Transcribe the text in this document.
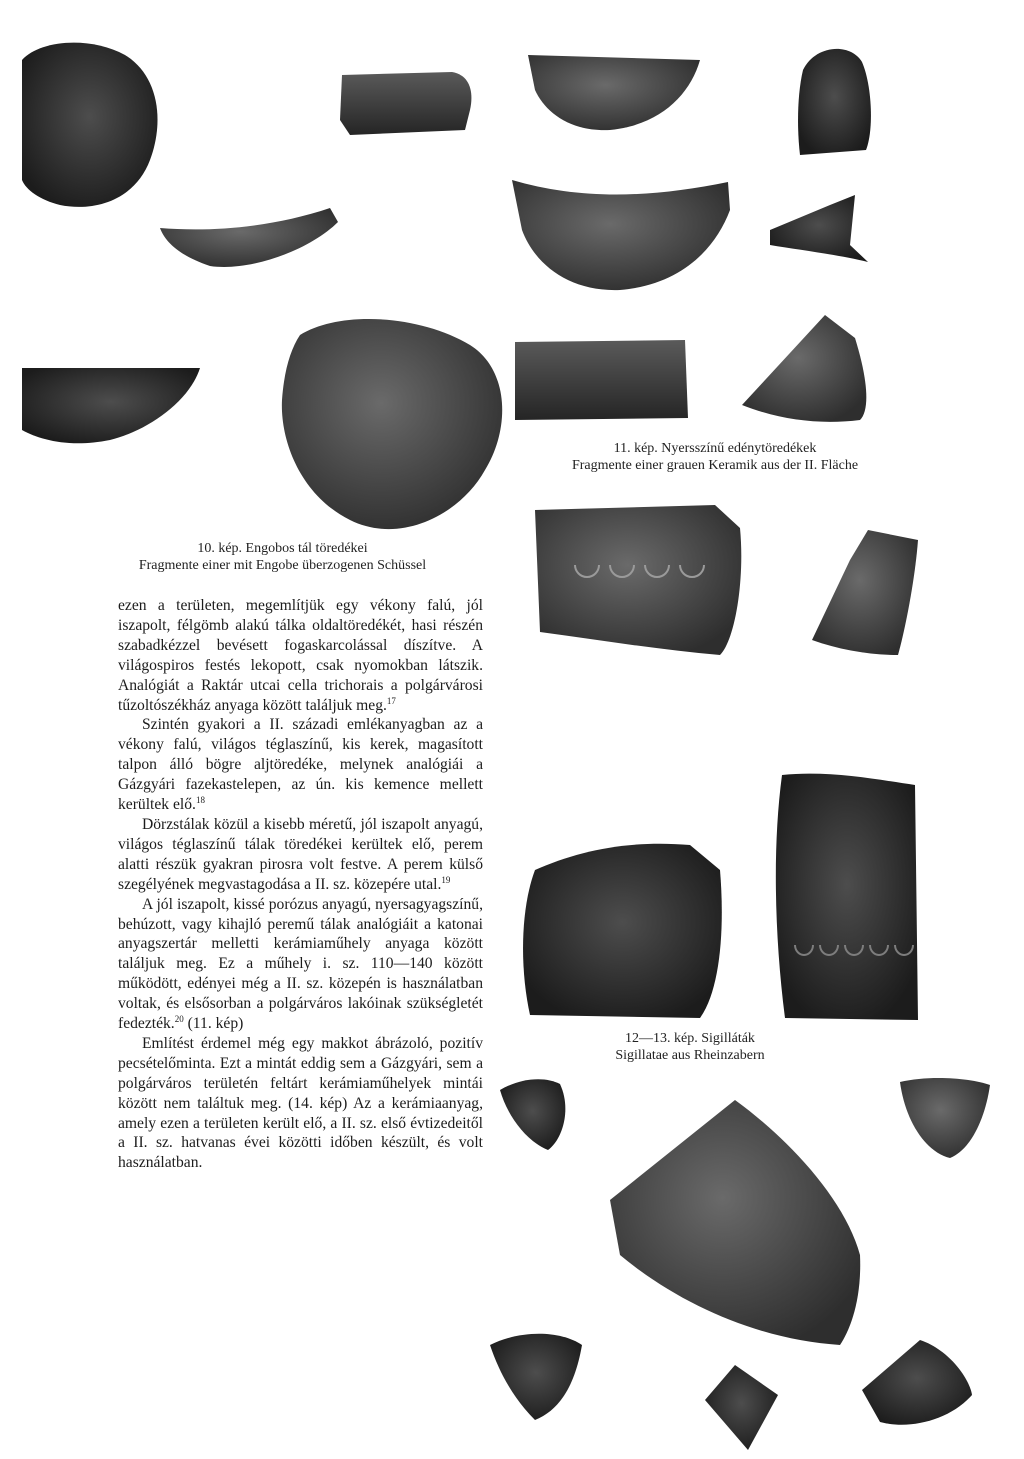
11. kép. Nyersszínű edénytöredékek
Fragmente einer grauen Keramik aus der II. Fläche
10. kép. Engobos tál töredékei
Fragmente einer mit Engobe überzogenen Schüssel
12—13. kép. Sigilláták
Sigillatae aus Rheinzabern

ezen a területen, megemlítjük egy vékony falú, jól iszapolt, félgömb alakú tálka oldaltöredékét, hasi részén szabadkézzel bevésett fogaskarcolással díszítve. A világospiros festés lekopott, csak nyomokban látszik. Analógiát a Raktár utcai cella trichorais a polgárvárosi tűzoltószékház anyaga között találjuk meg.$^{17}$

Szintén gyakori a II. századi emlékanyagban az a vékony falú, világos téglaszínű, kis kerek, magasított talpon álló bögre aljtöredéke, melynek analógiái a Gázgyári fazekastelepen, az ún. kis kemence mellett kerültek elő.$^{18}$

Dörzstálak közül a kisebb méretű, jól iszapolt anyagú, világos téglaszínű tálak töredékei kerültek elő, perem alatti részük gyakran pirosra volt festve. A perem külső szegélyének megvastagodása a II. sz. közepére utal.$^{19}$

A jól iszapolt, kissé porózus anyagú, nyersagyagszínű, behúzott, vagy kihajló peremű tálak analógiáit a katonai anyagszertár melletti kerámiaműhely anyaga között találjuk meg. Ez a műhely i. sz. 110—140 között működött, edényei még a II. sz. közepén is használatban voltak, és elsősorban a polgárváros lakóinak szükségletét fedezték.$^{20}$ (11. kép)

Említést érdemel még egy makkot ábrázoló, pozitív pecsételőminta. Ezt a mintát eddig sem a Gázgyári, sem a polgárváros területén feltárt kerámiaműhelyek mintái között nem találtuk meg. (14. kép) Az a kerámiaanyag, amely ezen a területen került elő, a II. sz. első évtizedeitől a II. sz. hatvanas évei közötti időben készült, és volt használatban.
